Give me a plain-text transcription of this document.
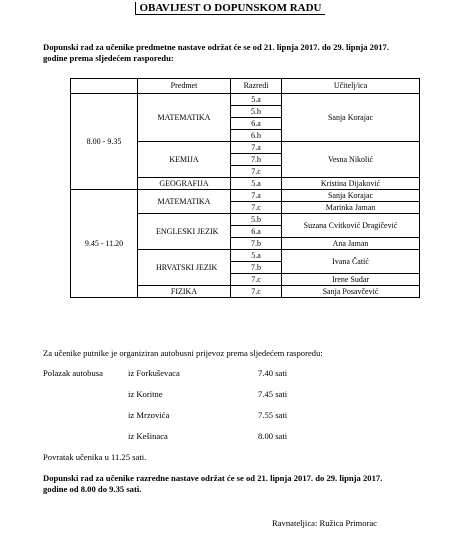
OBAVIJEST O DOPUNSKOM RADU
Dopunski rad za učenike predmetne nastave održat će se od 21. lipnja 2017. do 29. lipnja 2017. godine prema sljedećem rasporedu:
	Predmet	Razredi	Učitelj/ica
8.00 - 9.35	MATEMATIKA	5.a	Sanja Korajac
		5.b	
		6.a	
		6.b	
	KEMIJA	7.a	Vesna Nikolić
		7.b	
		7.c	
	GEOGRAFIJA	5.a	Kristina Dijaković
9.45 - 11.20	MATEMATIKA	7.a	Sanja Korajac
		7.c	Marinka Jaman
	ENGLESKI JEZIK	5.b	Suzana Cvitković Dragičević
		6.a	
		7.b	Ana Jaman
	HRVATSKI JEZIK	5.a	Ivana Čatić
		7.b	
		7.c	Irene Sudar
	FIZIKA	7.c	Sanja Posavčević
Za učenike putnike je organiziran autobusni prijevoz prema sljedećem rasporedu:
Polazak autobusa	iz Forkuševaca	7.40 sati
iz Koritne	7.45 sati
iz Mrzovića	7.55 sati
iz Kešinaca	8.00 sati
Povratak učenika u 11.25 sati.
Dopunski rad za učenike razredne nastave održat će se od 21. lipnja 2017. do 29. lipnja 2017. godine od 8.00 do 9.35 sati.
Ravnateljica: Ružica Primorac
